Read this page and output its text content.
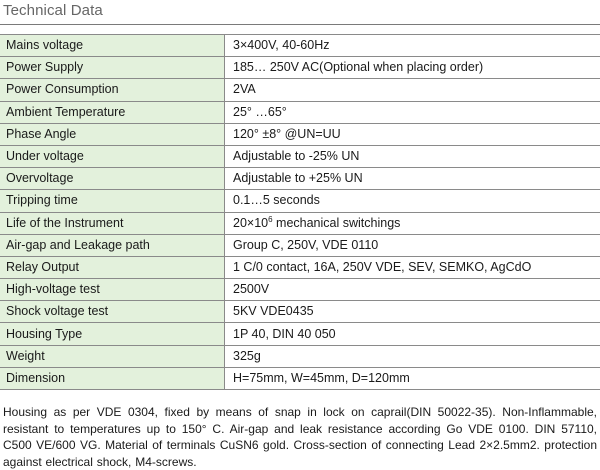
Technical Data
Mains voltage	3×400V, 40-60Hz
Power Supply	185… 250V AC(Optional when placing order)
Power Consumption	2VA
Ambient Temperature	25° …65°
Phase Angle	120° ±8° @UN=UU
Under voltage	Adjustable to -25% UN
Overvoltage	Adjustable to +25% UN
Tripping time	0.1…5 seconds
Life of the Instrument	$20\times 10^6$ mechanical switchings
Air-gap and Leakage path	Group C, 250V, VDE 0110
Relay Output	1 C/0 contact, 16A, 250V VDE, SEV, SEMKO, AgCdO
High-voltage test	2500V
Shock voltage test	5KV VDE0435
Housing Type	1P 40, DIN 40 050
Weight	325g
Dimension	H=75mm, W=45mm, D=120mm

Housing as per VDE 0304, fixed by means of snap in lock on caprail(DIN 50022-35). Non-Inflammable, resistant to temperatures up to 150° C. Air-gap and leak resistance according Go VDE 0100. DIN 57110, C500 VE/600 VG. Material of terminals CuSN6 gold. Cross-section of connecting Lead 2×2.5mm2. protection against electrical shock, M4-screws.
